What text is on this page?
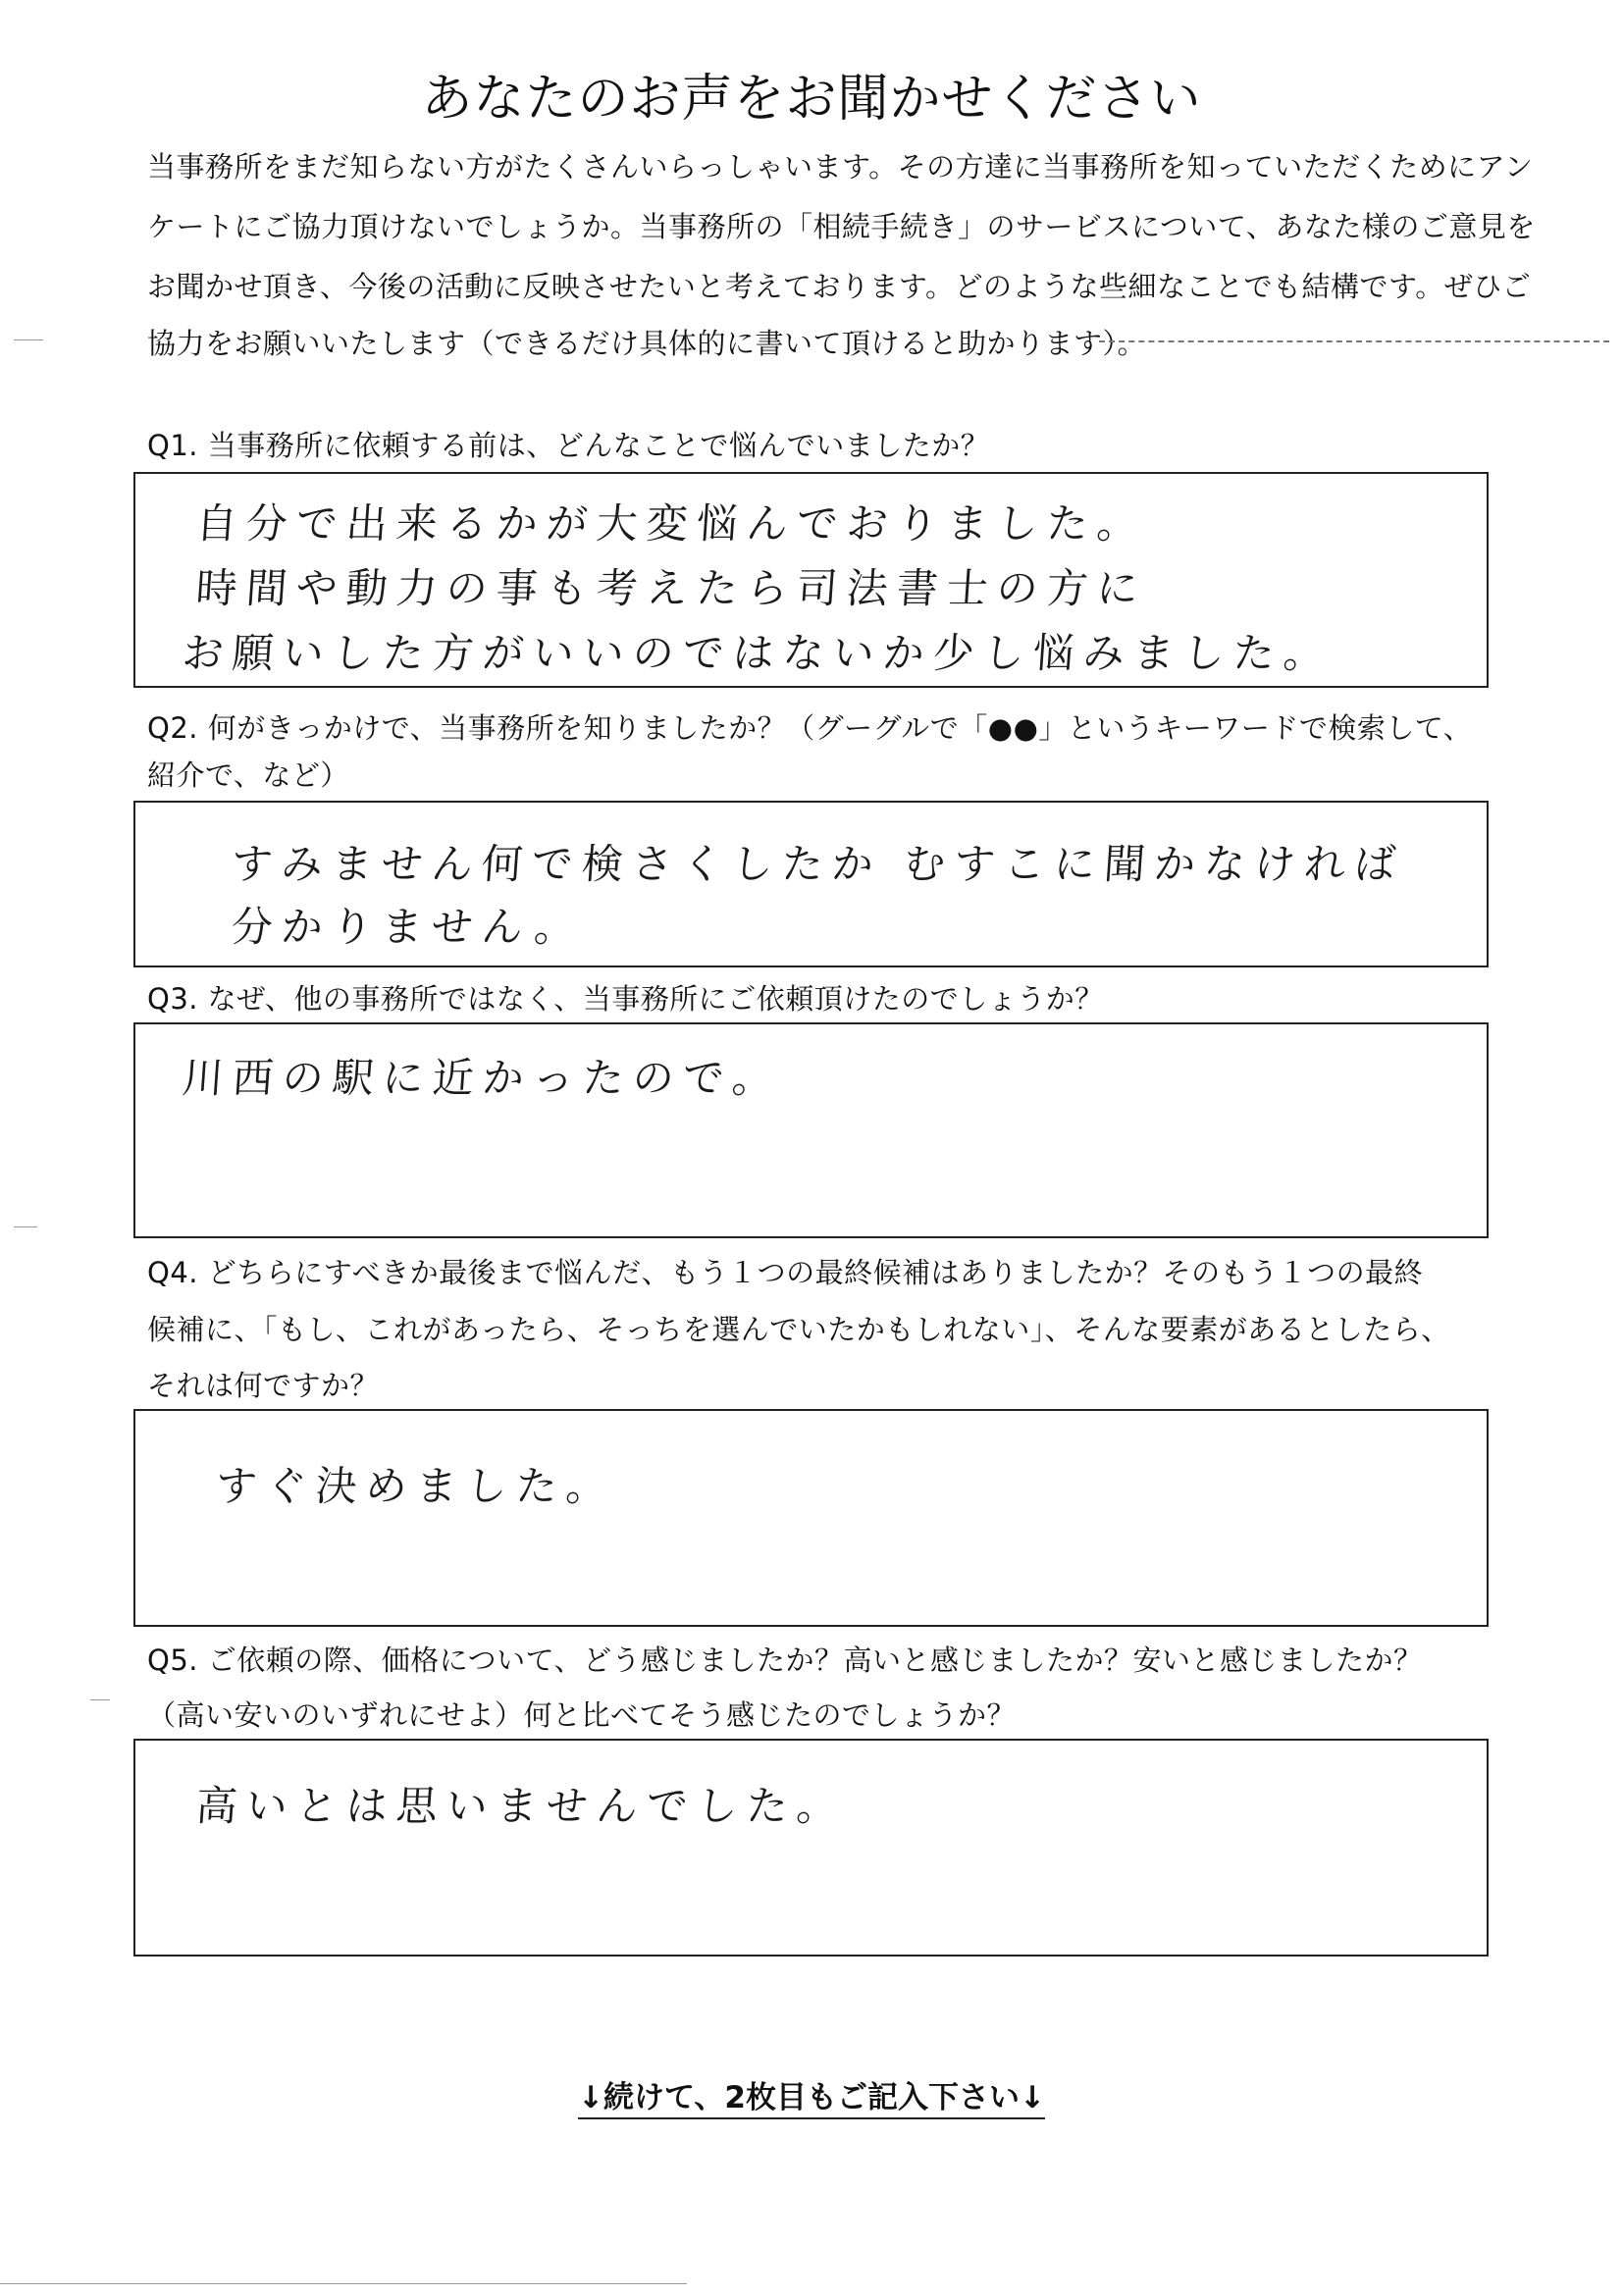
あなたのお声をお聞かせください
当事務所をまだ知らない方がたくさんいらっしゃいます。その方達に当事務所を知っていただくためにアン
ケートにご協力頂けないでしょうか。当事務所の「相続手続き」のサービスについて、あなた様のご意見を
お聞かせ頂き、今後の活動に反映させたいと考えております。どのような些細なことでも結構です。ぜひご
協力をお願いいたします（できるだけ具体的に書いて頂けると助かります）。
Q1. 当事務所に依頼する前は、どんなことで悩んでいましたか？
自分で出来るかが大変悩んでおりました。
時間や動力の事も考えたら司法書士の方に
お願いした方がいいのではないか少し悩みました。
Q2. 何がきっかけで、当事務所を知りましたか？（グーグルで「●●」というキーワードで検索して、
紹介で、など）
すみません何で検さくしたか むすこに聞かなければ
分かりません。
Q3. なぜ、他の事務所ではなく、当事務所にご依頼頂けたのでしょうか？
川西の駅に近かったので。
Q4. どちらにすべきか最後まで悩んだ、もう１つの最終候補はありましたか？そのもう１つの最終
候補に、「もし、これがあったら、そっちを選んでいたかもしれない」、そんな要素があるとしたら、
それは何ですか？
すぐ決めました。
Q5. ご依頼の際、価格について、どう感じましたか？高いと感じましたか？安いと感じましたか？
（高い安いのいずれにせよ）何と比べてそう感じたのでしょうか？
高いとは思いませんでした。
↓続けて、2枚目もご記入下さい↓
